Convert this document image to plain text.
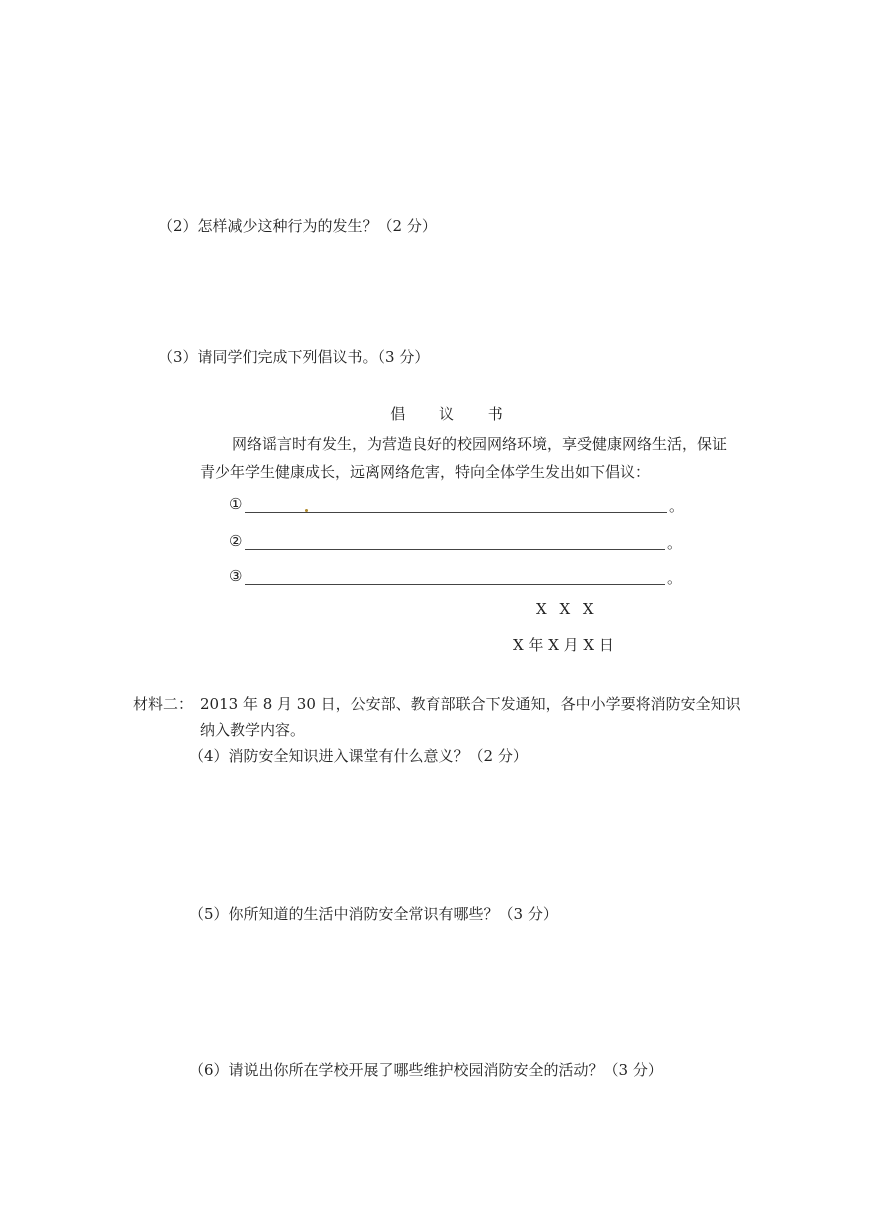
（2）怎样减少这种行为的发生？（2 分）
（3）请同学们完成下列倡议书。（3 分）
倡 议 书
网络谣言时有发生，为营造良好的校园网络环境，享受健康网络生活，保证
青少年学生健康成长，远离网络危害，特向全体学生发出如下倡议：
①	。
②	。
③	。
X X X
X 年 X 月 X 日
材料二： 2013 年 8 月 30 日，公安部、教育部联合下发通知，各中小学要将消防安全知识
纳入教学内容。
（4）消防安全知识进入课堂有什么意义？（2 分）
（5）你所知道的生活中消防安全常识有哪些？（3 分）
（6）请说出你所在学校开展了哪些维护校园消防安全的活动？（3 分）
